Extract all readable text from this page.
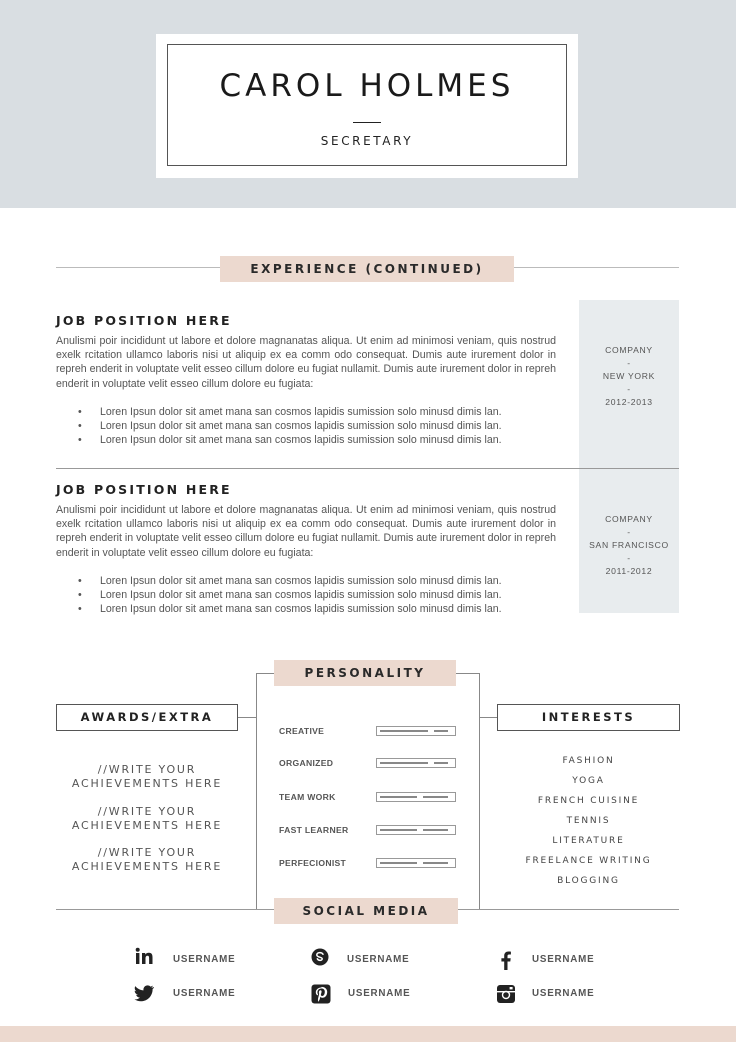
CAROL HOLMES
SECRETARY
EXPERIENCE (CONTINUED)
COMPANY
-
NEW YORK
-
2012-2013
JOB POSITION HERE
Anulismi poir incididunt ut labore et dolore magnanatas aliqua. Ut enim ad minimosi veniam, quis nostrud exelk rcitation ullamco laboris nisi ut aliquip ex ea comm odo consequat. Dumis aute irurement dolor in repreh enderit in voluptate velit esseo cillum dolore eu fugiat nullamit. Dumis aute irurement dolor in repreh enderit in voluptate velit esseo cillum dolore eu fugiata:
• Loren Ipsun dolor sit amet mana san cosmos lapidis sumission solo minusd dimis lan.
• Loren Ipsun dolor sit amet mana san cosmos lapidis sumission solo minusd dimis lan.
• Loren Ipsun dolor sit amet mana san cosmos lapidis sumission solo minusd dimis lan.
COMPANY
-
SAN FRANCISCO
-
2011-2012
JOB POSITION HERE
Anulismi poir incididunt ut labore et dolore magnanatas aliqua. Ut enim ad minimosi veniam, quis nostrud exelk rcitation ullamco laboris nisi ut aliquip ex ea comm odo consequat. Dumis aute irurement dolor in repreh enderit in voluptate velit esseo cillum dolore eu fugiat nullamit. Dumis aute irurement dolor in repreh enderit in voluptate velit esseo cillum dolore eu fugiata:
• Loren Ipsun dolor sit amet mana san cosmos lapidis sumission solo minusd dimis lan.
• Loren Ipsun dolor sit amet mana san cosmos lapidis sumission solo minusd dimis lan.
• Loren Ipsun dolor sit amet mana san cosmos lapidis sumission solo minusd dimis lan.
PERSONALITY
AWARDS/EXTRA
//WRITE YOUR
ACHIEVEMENTS HERE
//WRITE YOUR
ACHIEVEMENTS HERE
//WRITE YOUR
ACHIEVEMENTS HERE
CREATIVE
ORGANIZED
TEAM WORK
FAST LEARNER
PERFECIONIST
INTERESTS
FASHION
YOGA
FRENCH CUISINE
TENNIS
LITERATURE
FREELANCE WRITING
BLOGGING
SOCIAL MEDIA
USERNAME	USERNAME	USERNAME
USERNAME	USERNAME	USERNAME
